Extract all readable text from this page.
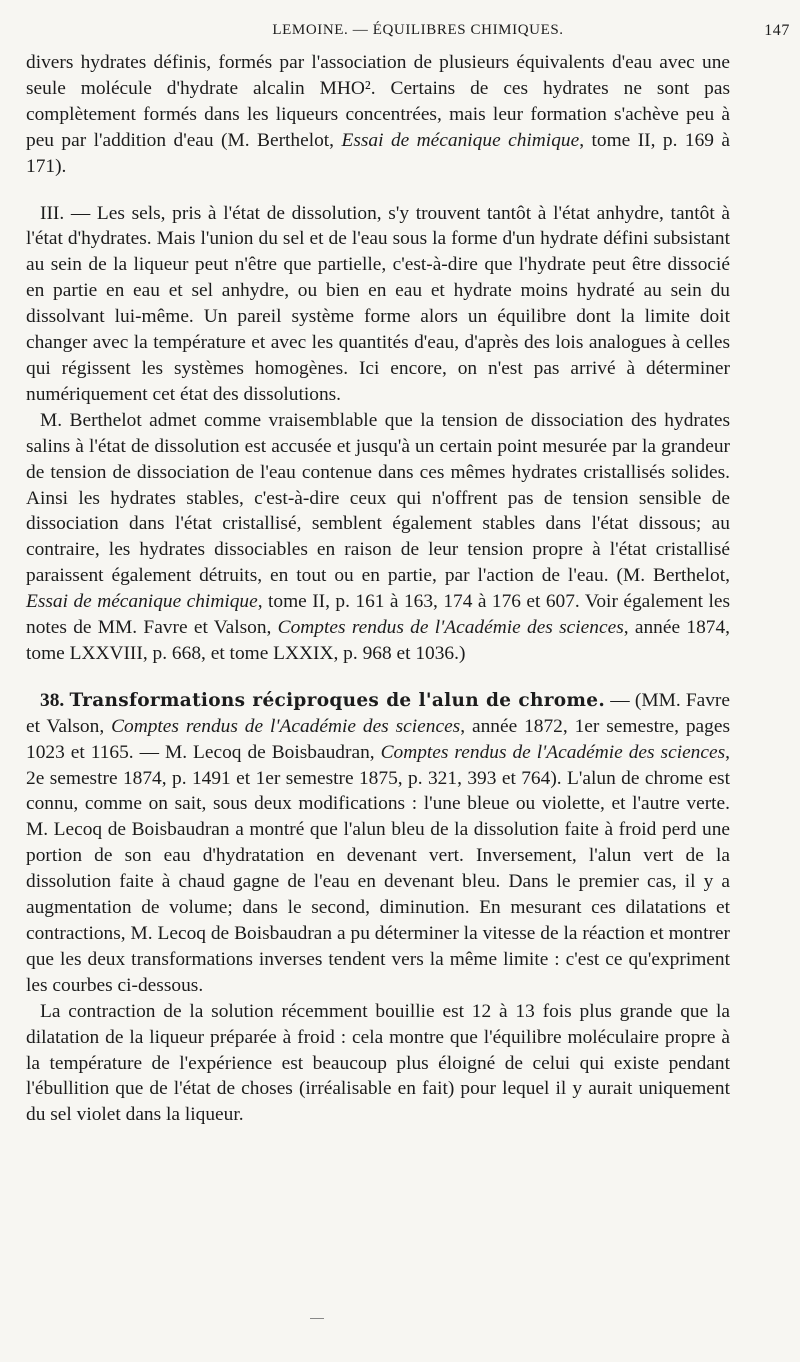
LEMOINE. — ÉQUILIBRES CHIMIQUES.	147

divers hydrates définis, formés par l'association de plusieurs équivalents d'eau avec une seule molécule d'hydrate alcalin MHO². Certains de ces hydrates ne sont pas complètement formés dans les liqueurs concentrées, mais leur formation s'achève peu à peu par l'addition d'eau (M. Berthelot, Essai de mécanique chimique, tome II, p. 169 à 171).

III. — Les sels, pris à l'état de dissolution, s'y trouvent tantôt à l'état anhydre, tantôt à l'état d'hydrates. Mais l'union du sel et de l'eau sous la forme d'un hydrate défini subsistant au sein de la liqueur peut n'être que partielle, c'est-à-dire que l'hydrate peut être dissocié en partie en eau et sel anhydre, ou bien en eau et hydrate moins hydraté au sein du dissolvant lui-même. Un pareil système forme alors un équilibre dont la limite doit changer avec la température et avec les quantités d'eau, d'après des lois analogues à celles qui régissent les systèmes homogènes. Ici encore, on n'est pas arrivé à déterminer numériquement cet état des dissolutions.

M. Berthelot admet comme vraisemblable que la tension de dissociation des hydrates salins à l'état de dissolution est accusée et jusqu'à un certain point mesurée par la grandeur de tension de dissociation de l'eau contenue dans ces mêmes hydrates cristallisés solides. Ainsi les hydrates stables, c'est-à-dire ceux qui n'offrent pas de tension sensible de dissociation dans l'état cristallisé, semblent également stables dans l'état dissous; au contraire, les hydrates dissociables en raison de leur tension propre à l'état cristallisé paraissent également détruits, en tout ou en partie, par l'action de l'eau. (M. Berthelot, Essai de mécanique chimique, tome II, p. 161 à 163, 174 à 176 et 607. Voir également les notes de MM. Favre et Valson, Comptes rendus de l'Académie des sciences, année 1874, tome LXXVIII, p. 668, et tome LXXIX, p. 968 et 1036.)

38. Transformations réciproques de l'alun de chrome. — (MM. Favre et Valson, Comptes rendus de l'Académie des sciences, année 1872, 1er semestre, pages 1023 et 1165. — M. Lecoq de Boisbaudran, Comptes rendus de l'Académie des sciences, 2e semestre 1874, p. 1491 et 1er semestre 1875, p. 321, 393 et 764). L'alun de chrome est connu, comme on sait, sous deux modifications : l'une bleue ou violette, et l'autre verte. M. Lecoq de Boisbaudran a montré que l'alun bleu de la dissolution faite à froid perd une portion de son eau d'hydratation en devenant vert. Inversement, l'alun vert de la dissolution faite à chaud gagne de l'eau en devenant bleu. Dans le premier cas, il y a augmentation de volume; dans le second, diminution. En mesurant ces dilatations et contractions, M. Lecoq de Boisbaudran a pu déterminer la vitesse de la réaction et montrer que les deux transformations inverses tendent vers la même limite : c'est ce qu'expriment les courbes ci-dessous.

La contraction de la solution récemment bouillie est 12 à 13 fois plus grande que la dilatation de la liqueur préparée à froid : cela montre que l'équilibre moléculaire propre à la température de l'expérience est beaucoup plus éloigné de celui qui existe pendant l'ébullition que de l'état de choses (irréalisable en fait) pour lequel il y aurait uniquement du sel violet dans la liqueur.
